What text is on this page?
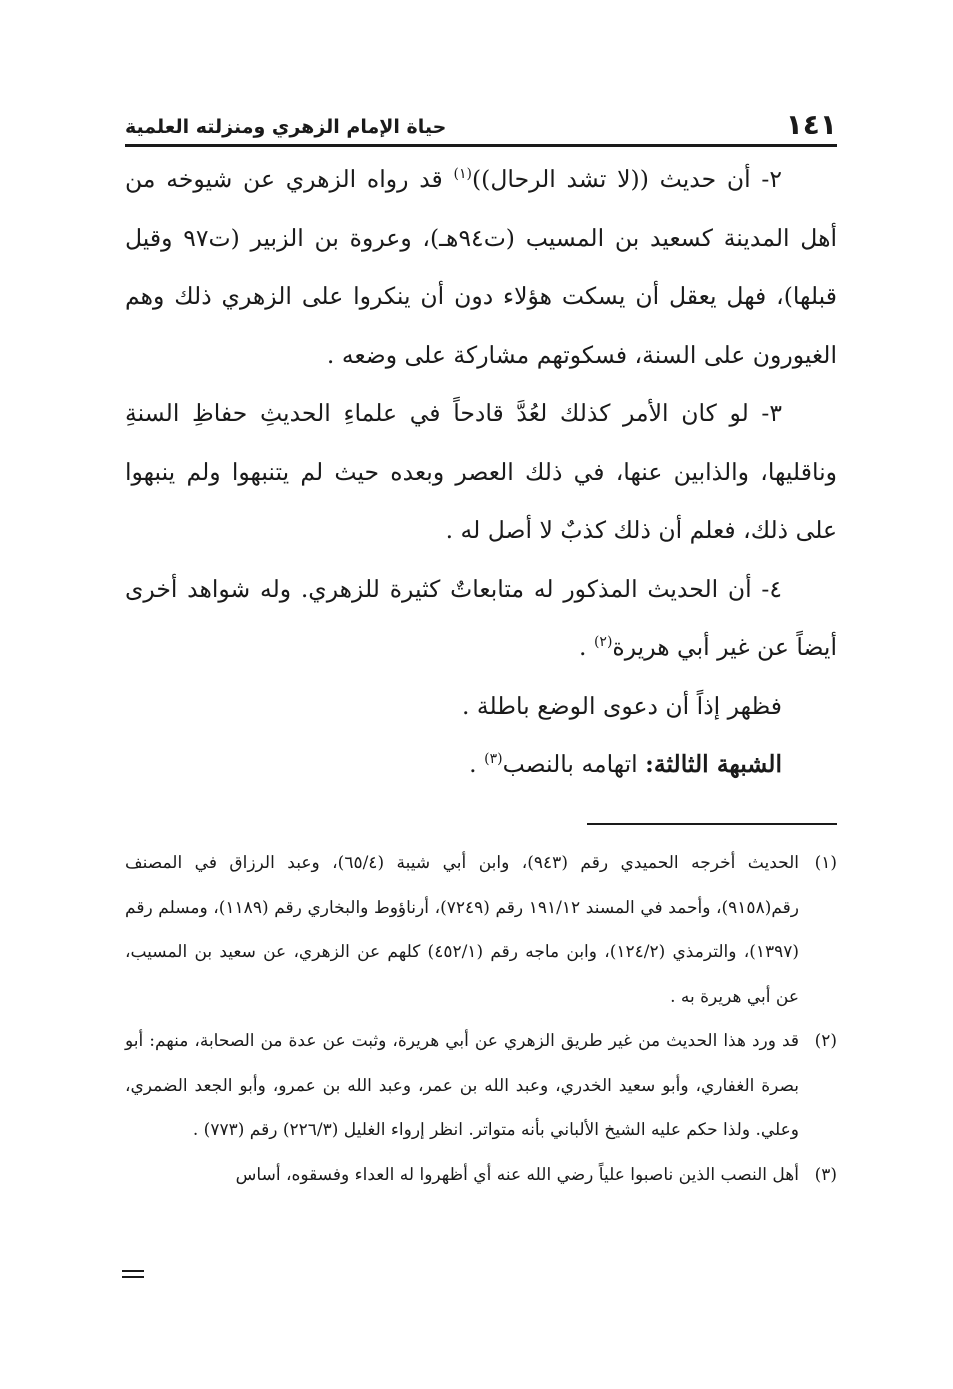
١٤١
حياة الإمام الزهري ومنزلته العلمية

٢- أن حديث ((لا تشد الرحال))$^{(١)}$ قد رواه الزهري عن شيوخه من أهل المدينة كسعيد بن المسيب (ت٩٤هـ)، وعروة بن الزبير (ت٩٧ وقيل قبلها)، فهل يعقل أن يسكت هؤلاء دون أن ينكروا على الزهري ذلك وهم الغيورون على السنة، فسكوتهم مشاركة على وضعه .

٣- لو كان الأمر كذلك لعُدَّ قادحاً في علماءِ الحديثِ حفاظِ السنةِ وناقليها، والذابين عنها، في ذلك العصر وبعده حيث لم يتنبهوا ولم ينبهوا على ذلك، فعلم أن ذلك كذبٌ لا أصل له .

٤- أن الحديث المذكور له متابعاتٌ كثيرة للزهري. وله شواهد أخرى أيضاً عن غير أبي هريرة$^{(٢)}$ .

فظهر إذاً أن دعوى الوضع باطلة .

الشبهة الثالثة: اتهامه بالنصب$^{(٣)}$ .

(١)الحديث أخرجه الحميدي رقم (٩٤٣)، وابن أبي شيبة (٦٥/٤)، وعبد الرزاق في المصنف رقم(٩١٥٨)، وأحمد في المسند ١٩١/١٢ رقم (٧٢٤٩)، أرناؤوط والبخاري رقم (١١٨٩)، ومسلم رقم (١٣٩٧)، والترمذي (١٢٤/٢)، وابن ماجه رقم (٤٥٢/١) كلهم عن الزهري، عن سعيد بن المسيب، عن أبي هريرة به .

(٢)قد ورد هذا الحديث من غير طريق الزهري عن أبي هريرة، وثبت عن عدة من الصحابة، منهم: أبو بصرة الغفاري، وأبو سعيد الخدري، وعبد الله بن عمر، وعبد الله بن عمرو، وأبو الجعد الضمري، وعلي. ولذا حكم عليه الشيخ الألباني بأنه متواتر. انظر إرواء الغليل (٢٢٦/٣) رقم (٧٧٣) .

(٣)أهل النصب الذين ناصبوا علياً رضي الله عنه أي أظهروا له العداء وفسقوه، أساس
